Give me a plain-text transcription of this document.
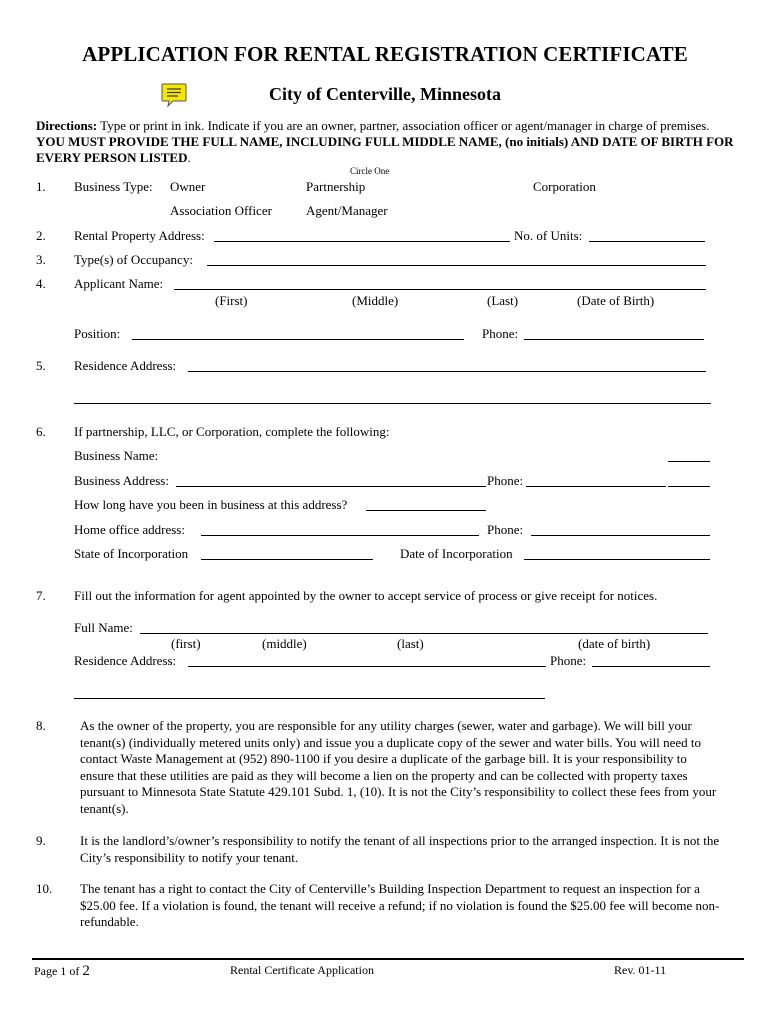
APPLICATION FOR RENTAL REGISTRATION CERTIFICATE
City of Centerville, Minnesota
Directions: Type or print in ink. Indicate if you are an owner, partner, association officer or agent/manager in charge of premises. YOU MUST PROVIDE THE FULL NAME, INCLUDING FULL MIDDLE NAME, (no initials) AND DATE OF BIRTH FOR EVERY PERSON LISTED.
Circle One
1. Business Type: Owner	Partnership	Corporation
Association Officer	Agent/Manager
2. Rental Property Address:	No. of Units:
3. Type(s) of Occupancy:
4. Applicant Name:
(First)	(Middle)	(Last)	(Date of Birth)
Position:	Phone:
5. Residence Address:
6. If partnership, LLC, or Corporation, complete the following:
Business Name:
Business Address:	Phone:
How long have you been in business at this address?
Home office address:	Phone:
State of Incorporation	Date of Incorporation
7. Fill out the information for agent appointed by the owner to accept service of process or give receipt for notices.
Full Name:
(first)	(middle)	(last)	(date of birth)
Residence Address:	Phone:
8.	As the owner of the property, you are responsible for any utility charges (sewer, water and garbage). We will bill your tenant(s) (individually metered units only) and issue you a duplicate copy of the sewer and water bills. You will need to contact Waste Management at (952) 890-1100 if you desire a duplicate of the garbage bill. It is your responsibility to ensure that these utilities are paid as they will become a lien on the property and can be collected with property taxes pursuant to Minnesota State Statute 429.101 Subd. 1, (10). It is not the City’s responsibility to collect these fees from your tenant(s).
9.	It is the landlord’s/owner’s responsibility to notify the tenant of all inspections prior to the arranged inspection. It is not the City’s responsibility to notify your tenant.
10. The tenant has a right to contact the City of Centerville’s Building Inspection Department to request an inspection for a $25.00 fee. If a violation is found, the tenant will receive a refund; if no violation is found the $25.00 fee will become non-refundable.
Page 1 of 2	Rental Certificate Application	Rev. 01-11
